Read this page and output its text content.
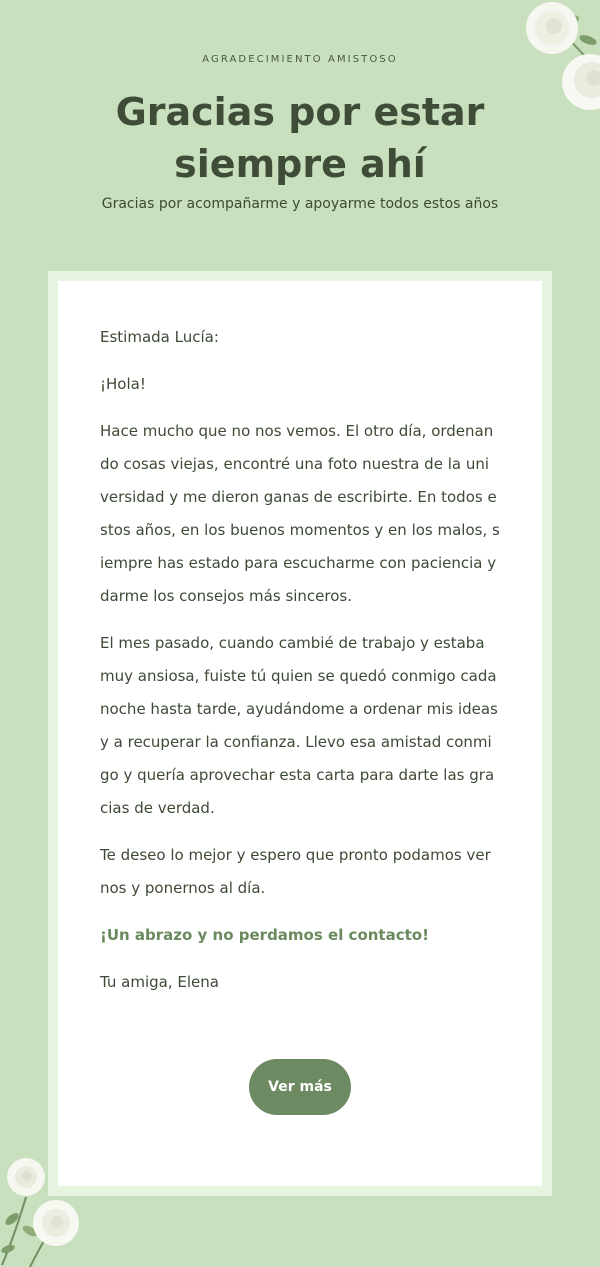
AGRADECIMIENTO AMISTOSO
Gracias por estar siempre ahí
Gracias por acompañarme y apoyarme todos estos años

Estimada Lucía:

¡Hola!

Hace mucho que no nos vemos. El otro día, ordenan do cosas viejas, encontré una foto nuestra de la uni versidad y me dieron ganas de escribirte. En todos e stos años, en los buenos momentos y en los malos, s iempre has estado para escucharme con paciencia y darme los consejos más sinceros.

El mes pasado, cuando cambié de trabajo y estaba muy ansiosa, fuiste tú quien se quedó conmigo cada noche hasta tarde, ayudándome a ordenar mis ideas y a recuperar la confianza. Llevo esa amistad conmi go y quería aprovechar esta carta para darte las gra cias de verdad.

Te deseo lo mejor y espero que pronto podamos ver nos y ponernos al día.

¡Un abrazo y no perdamos el contacto!

Tu amiga, Elena

Ver más
